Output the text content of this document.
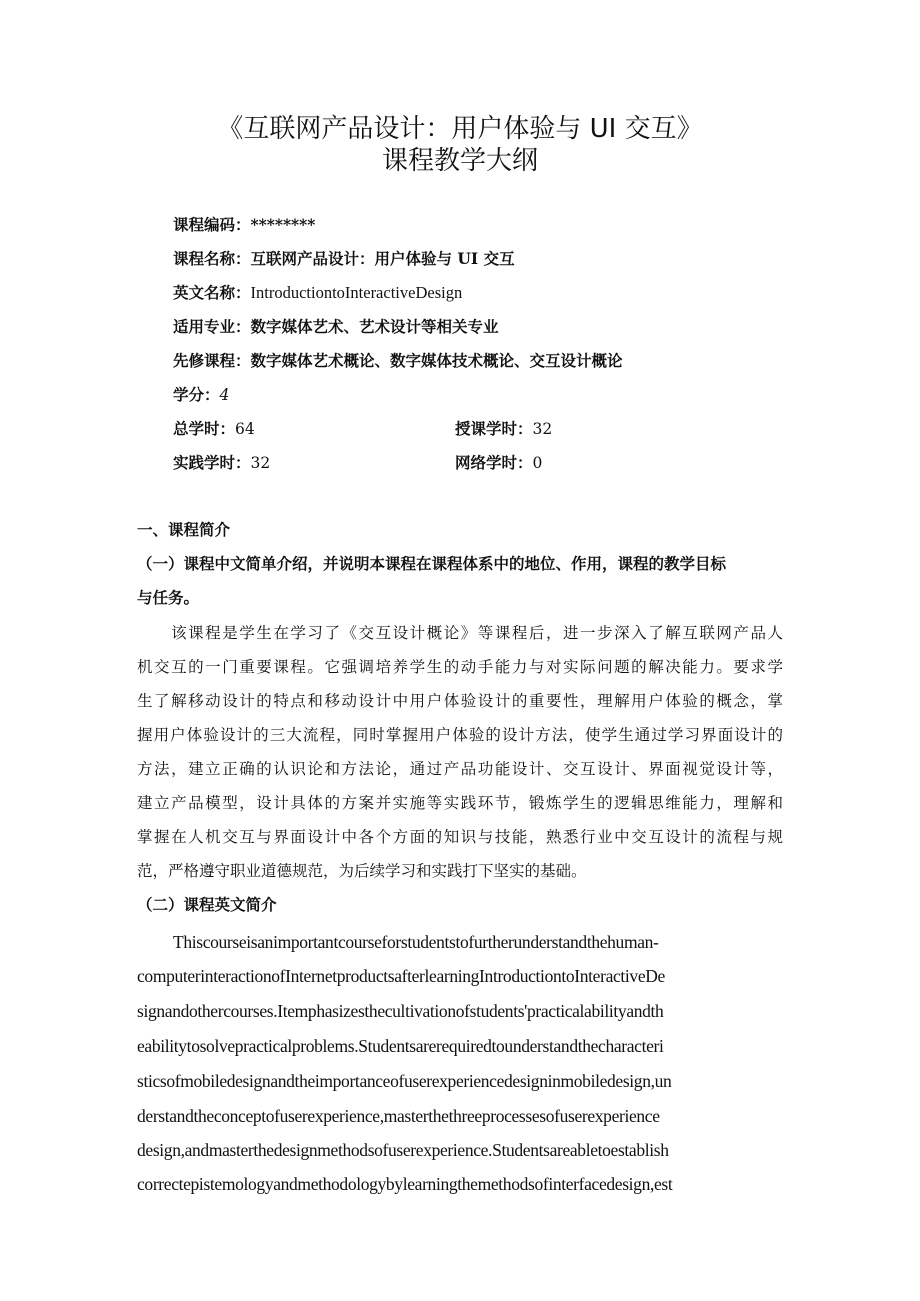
《互联网产品设计：用户体验与 UI 交互》
课程教学大纲
课程编码：********
课程名称：互联网产品设计：用户体验与 UI 交互
英文名称：IntroductiontoInteractiveDesign
适用专业：数字媒体艺术、艺术设计等相关专业
先修课程：数字媒体艺术概论、数字媒体技术概论、交互设计概论
学分：4
总学时：64	授课学时：32
实践学时：32	网络学时：0
一、课程简介
（一）课程中文简单介绍，并说明本课程在课程体系中的地位、作用，课程的教学目标
与任务。
　　该课程是学生在学习了《交互设计概论》等课程后，进一步深入了解互联网产品人
机交互的一门重要课程。它强调培养学生的动手能力与对实际问题的解决能力。要求学
生了解移动设计的特点和移动设计中用户体验设计的重要性，理解用户体验的概念，掌
握用户体验设计的三大流程，同时掌握用户体验的设计方法，使学生通过学习界面设计的
方法，建立正确的认识论和方法论，通过产品功能设计、交互设计、界面视觉设计等，
建立产品模型，设计具体的方案并实施等实践环节，锻炼学生的逻辑思维能力，理解和
掌握在人机交互与界面设计中各个方面的知识与技能，熟悉行业中交互设计的流程与规
范，严格遵守职业道德规范，为后续学习和实践打下坚实的基础。
（二）课程英文简介
Thiscourseisanimportantcourseforstudentstofurtherunderstandthehuman-
computerinteractionofInternetproductsafterlearningIntroductiontoInteractiveDe
signandothercourses.Itemphasizesthecultivationofstudents'practicalabilityandth
eabilitytosolvepracticalproblems.Studentsarerequiredtounderstandthecharacteri
sticsofmobiledesignandtheimportanceofuserexperiencedesigninmobiledesign,un
derstandtheconceptofuserexperience,masterthethreeprocessesofuserexperience
design,andmasterthedesignmethodsofuserexperience.Studentsareabletoestablish
correctepistemologyandmethodologybylearningthemethodsofinterfacedesign,est
